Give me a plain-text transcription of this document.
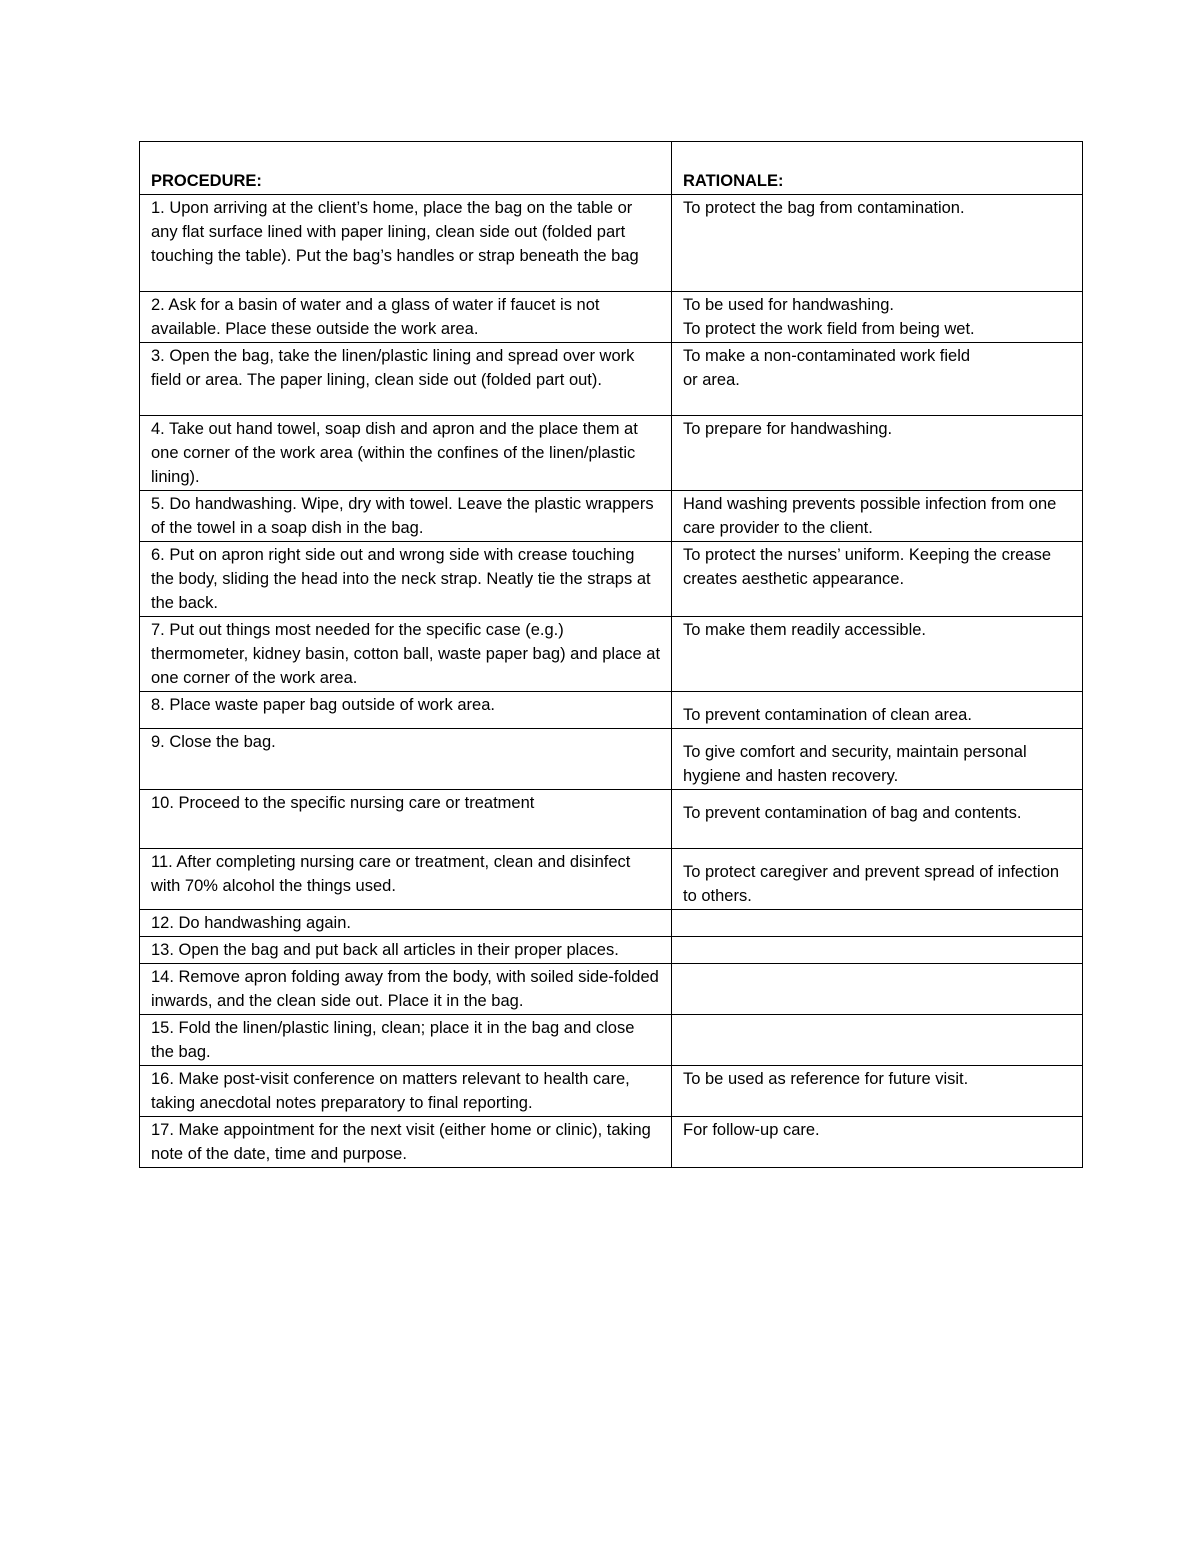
PROCEDURE:	RATIONALE:

1. Upon arriving at the client’s home, place the bag on the table or any flat surface lined with paper lining, clean side out (folded part touching the table). Put the bag’s handles or strap beneath the bag	To protect the bag from contamination.

2. Ask for a basin of water and a glass of water if faucet is not available. Place these outside the work area.	To be used for handwashing.
To protect the work field from being wet.

3. Open the bag, take the linen/plastic lining and spread over work field or area. The paper lining, clean side out (folded part out).	To make a non-contaminated work field
or area.

4. Take out hand towel, soap dish and apron and the place them at one corner of the work area (within the confines of the linen/plastic lining).	To prepare for handwashing.

5. Do handwashing. Wipe, dry with towel. Leave the plastic wrappers of the towel in a soap dish in the bag.	Hand washing prevents possible infection from one care provider to the client.

6. Put on apron right side out and wrong side with crease touching the body, sliding the head into the neck strap. Neatly tie the straps at the back.	To protect the nurses’ uniform. Keeping the crease creates aesthetic appearance.

7. Put out things most needed for the specific case (e.g.) thermometer, kidney basin, cotton ball, waste paper bag) and place at one corner of the work area.	To make them readily accessible.

8. Place waste paper bag outside of work area.	To prevent contamination of clean area.

9. Close the bag.	To give comfort and security, maintain personal hygiene and hasten recovery.

10. Proceed to the specific nursing care or treatment	To prevent contamination of bag and contents.

11. After completing nursing care or treatment, clean and disinfect with 70% alcohol the things used.	To protect caregiver and prevent spread of infection to others.

12. Do handwashing again.	

13. Open the bag and put back all articles in their proper places.	

14. Remove apron folding away from the body, with soiled side-folded inwards, and the clean side out. Place it in the bag.	

15. Fold the linen/plastic lining, clean; place it in the bag and close the bag.	

16. Make post-visit conference on matters relevant to health care, taking anecdotal notes preparatory to final reporting.	To be used as reference for future visit.

17. Make appointment for the next visit (either home or clinic), taking note of the date, time and purpose.	For follow-up care.
